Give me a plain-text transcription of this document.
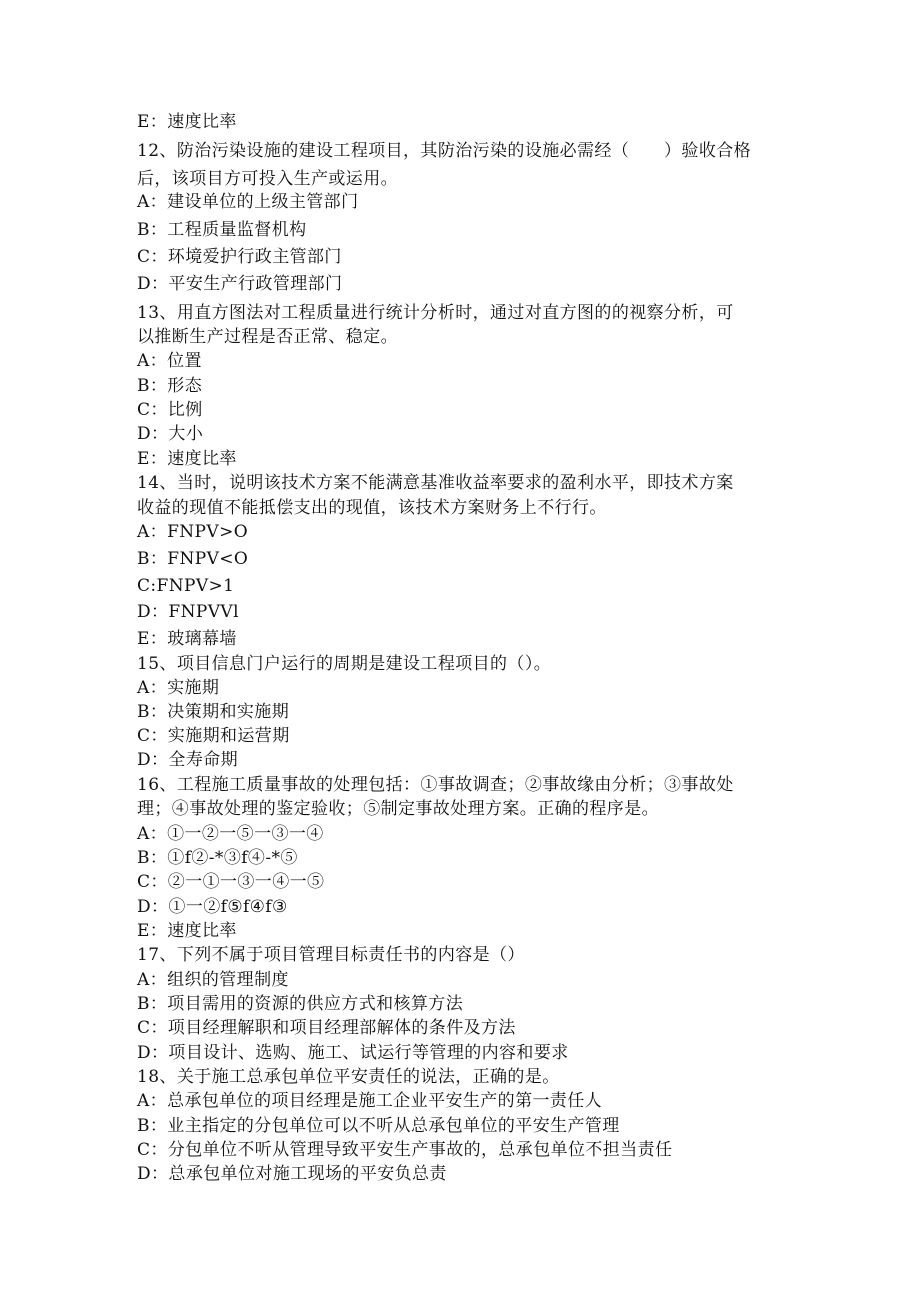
E：速度比率
12、防治污染设施的建设工程项目，其防治污染的设施必需经（　　）验收合格
后，该项目方可投入生产或运用。
A：建设单位的上级主管部门
B：工程质量监督机构
C：环境爱护行政主管部门
D：平安生产行政管理部门
13、用直方图法对工程质量进行统计分析时，通过对直方图的的视察分析，可
以推断生产过程是否正常、稳定。
A：位置
B：形态
C：比例
D：大小
E：速度比率
14、当时，说明该技术方案不能满意基准收益率要求的盈利水平，即技术方案
收益的现值不能抵偿支出的现值，该技术方案财务上不行行。
A：FNPV>O
B：FNPV<O
C:FNPV>1
D：FNPVVl
E：玻璃幕墙
15、项目信息门户运行的周期是建设工程项目的（）。
A：实施期
B：决策期和实施期
C：实施期和运营期
D：全寿命期
16、工程施工质量事故的处理包括：①事故调查；②事故缘由分析；③事故处
理；④事故处理的鉴定验收；⑤制定事故处理方案。正确的程序是。
A：①一②一⑤一③一④
B：①f②-*③f④-*⑤
C：②一①一③一④一⑤
D：①一②f⑤f④f③
E：速度比率
17、下列不属于项目管理目标责任书的内容是（）
A：组织的管理制度
B：项目需用的资源的供应方式和核算方法
C：项目经理解职和项目经理部解体的条件及方法
D：项目设计、选购、施工、试运行等管理的内容和要求
18、关于施工总承包单位平安责任的说法，正确的是。
A：总承包单位的项目经理是施工企业平安生产的第一责任人
B：业主指定的分包单位可以不听从总承包单位的平安生产管理
C：分包单位不听从管理导致平安生产事故的，总承包单位不担当责任
D：总承包单位对施工现场的平安负总责
